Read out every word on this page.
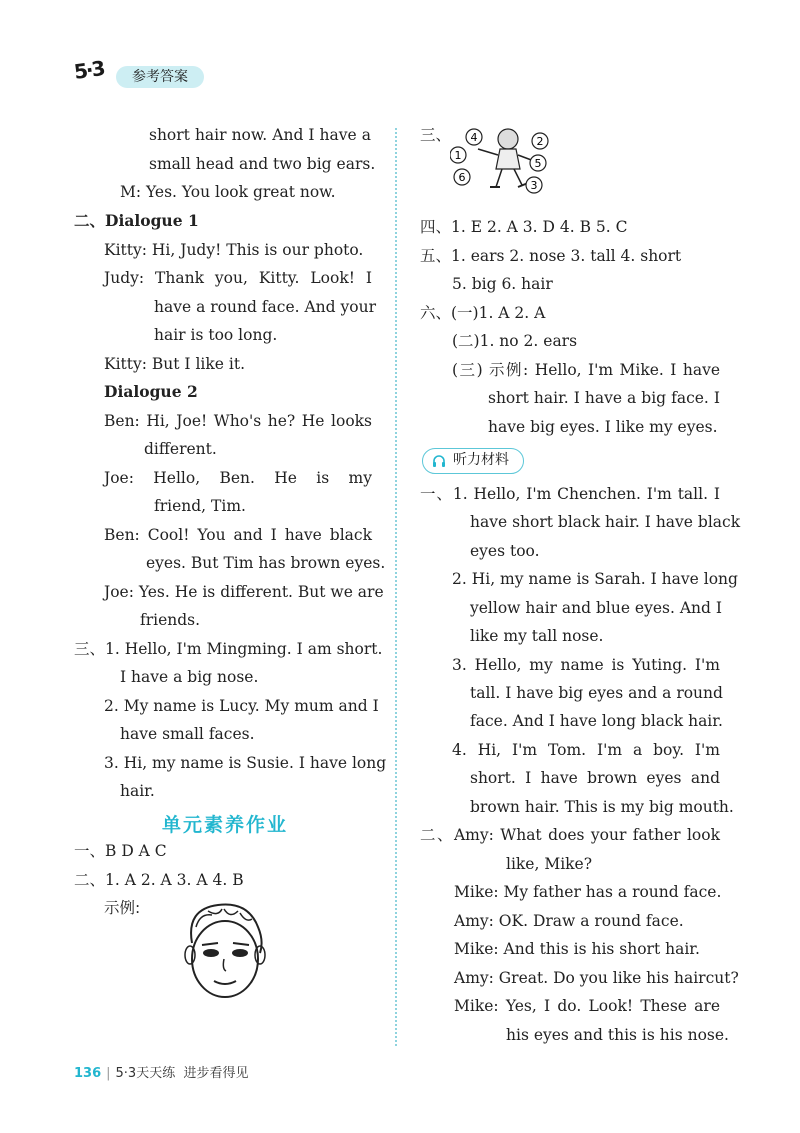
5·3	参考答案
short hair now. And I have a
small head and two big ears.
M: Yes. You look great now.
二、Dialogue 1
Kitty: Hi, Judy! This is our photo.
Judy: Thank you, Kitty. Look! I
have a round face. And your
hair is too long.
Kitty: But I like it.
Dialogue 2
Ben: Hi, Joe! Who's he? He looks
different.
Joe: Hello, Ben. He is my
friend, Tim.
Ben: Cool! You and I have black
eyes. But Tim has brown eyes.
Joe: Yes. He is different. But we are
friends.
三、1. Hello, I'm Mingming. I am short.
I have a big nose.
2. My name is Lucy. My mum and I
have small faces.
3. Hi, my name is Susie. I have long
hair.
一、B D A C
二、1. A 2. A 3. A 4. B
示例:
单元素养作业
4
1
6
2
5
3
听力材料
三、
四、1. E 2. A 3. D 4. B 5. C
五、1. ears 2. nose 3. tall 4. short
5. big 6. hair
六、(一)1. A 2. A
(二)1. no 2. ears
(三) 示例: Hello, I'm Mike. I have
short hair. I have a big face. I
have big eyes. I like my eyes.
一、1. Hello, I'm Chenchen. I'm tall. I
have short black hair. I have black
eyes too.
2. Hi, my name is Sarah. I have long
yellow hair and blue eyes. And I
like my tall nose.
3. Hello, my name is Yuting. I'm
tall. I have big eyes and a round
face. And I have long black hair.
4. Hi, I'm Tom. I'm a boy. I'm
short. I have brown eyes and
brown hair. This is my big mouth.
二、Amy: What does your father look
like, Mike?
Mike: My father has a round face.
Amy: OK. Draw a round face.
Mike: And this is his short hair.
Amy: Great. Do you like his haircut?
Mike: Yes, I do. Look! These are
his eyes and this is his nose.
136 | 5·3天天练 进步看得见
